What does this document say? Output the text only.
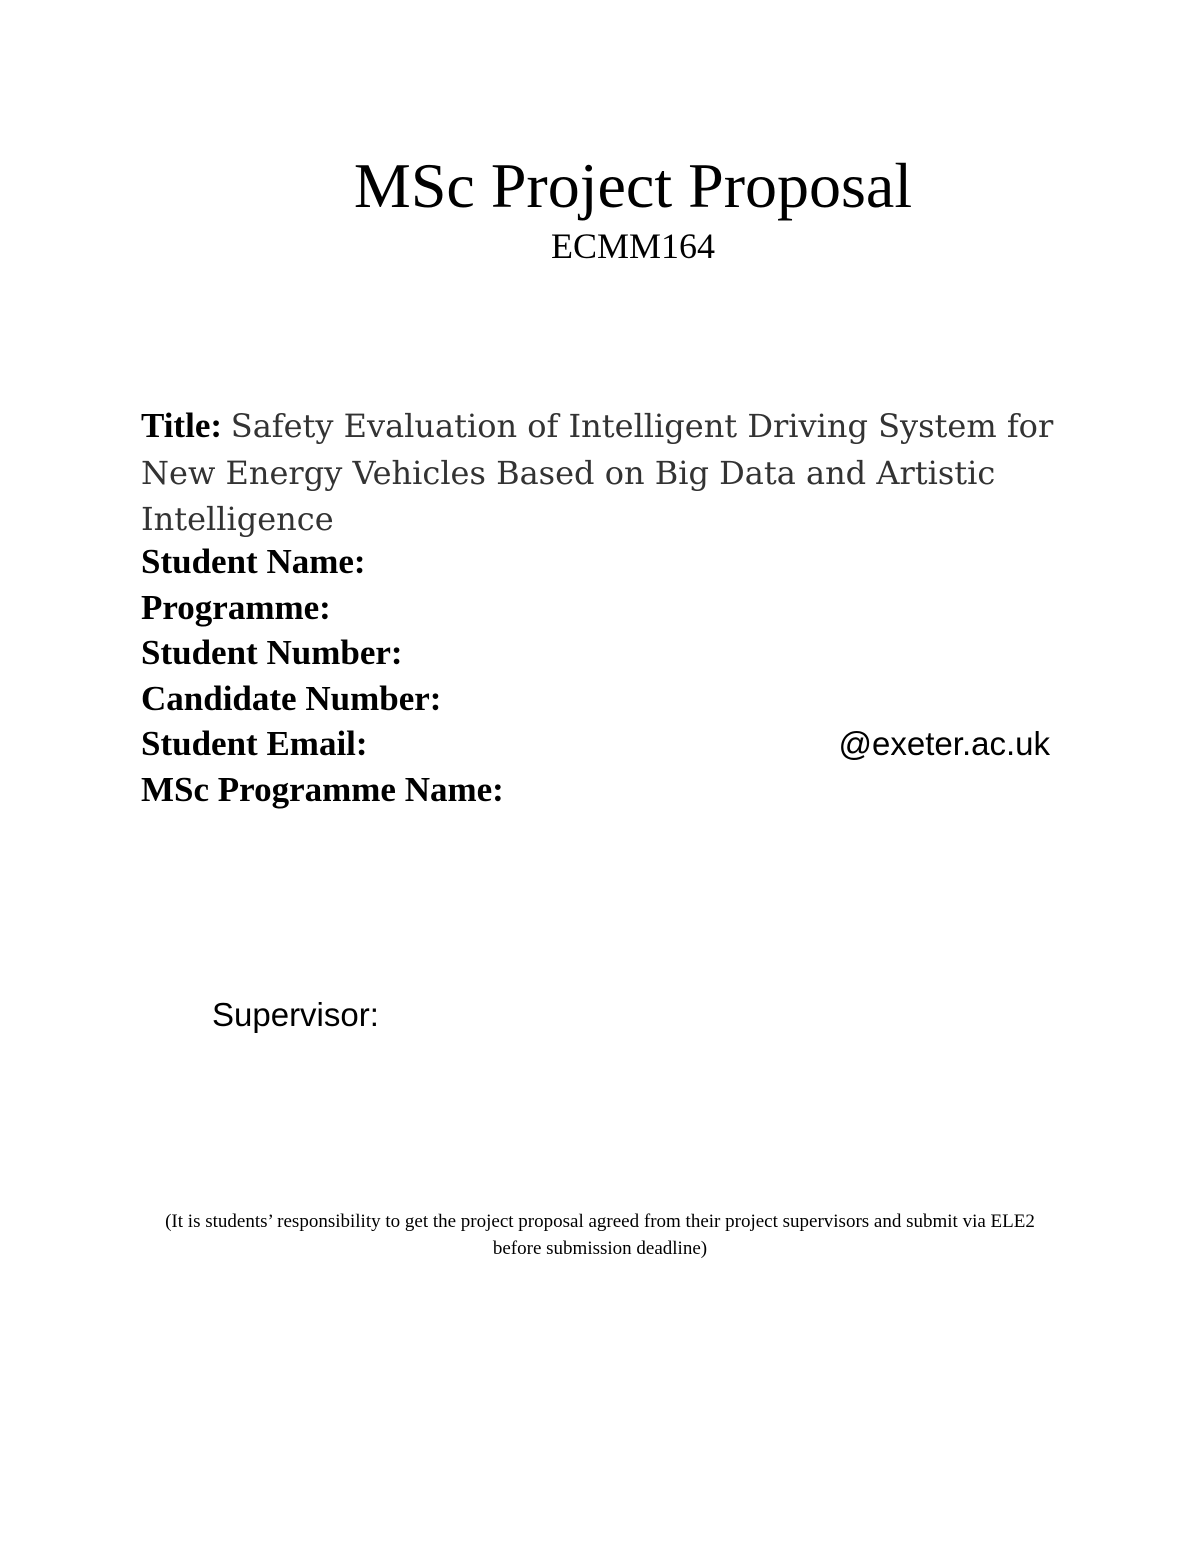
MSc Project Proposal
ECMM164
Title: Safety Evaluation of Intelligent Driving System for New Energy Vehicles Based on Big Data and Artistic Intelligence
Student Name:
Programme:
Student Number:
Candidate Number:
Student Email:	@exeter.ac.uk
MSc Programme Name:
Supervisor:
(It is students’ responsibility to get the project proposal agreed from their project supervisors and submit via ELE2 before submission deadline)
